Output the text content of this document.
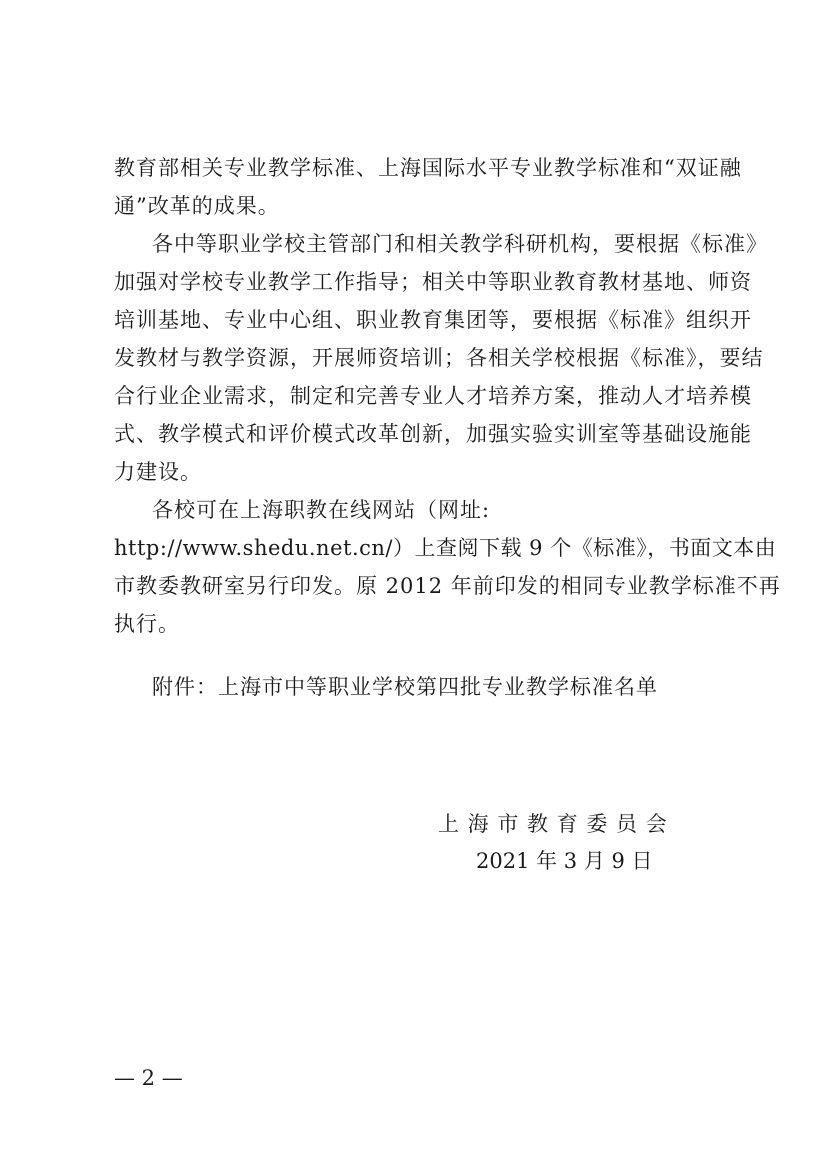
教育部相关专业教学标准、上海国际水平专业教学标准和“双证融
通”改革的成果。
各中等职业学校主管部门和相关教学科研机构，要根据《标准》
加强对学校专业教学工作指导；相关中等职业教育教材基地、师资
培训基地、专业中心组、职业教育集团等，要根据《标准》组织开
发教材与教学资源，开展师资培训；各相关学校根据《标准》，要结
合行业企业需求，制定和完善专业人才培养方案，推动人才培养模
式、教学模式和评价模式改革创新，加强实验实训室等基础设施能
力建设。
各校可在上海职教在线网站（网址:
http://www.shedu.net.cn/）上查阅下载 9 个《标准》，书面文本由
市教委教研室另行印发。原 2012 年前印发的相同专业教学标准不再
执行。
附件：上海市中等职业学校第四批专业教学标准名单
上 海 市 教 育 委 员 会
2021 年 3 月 9 日
— 2 —
